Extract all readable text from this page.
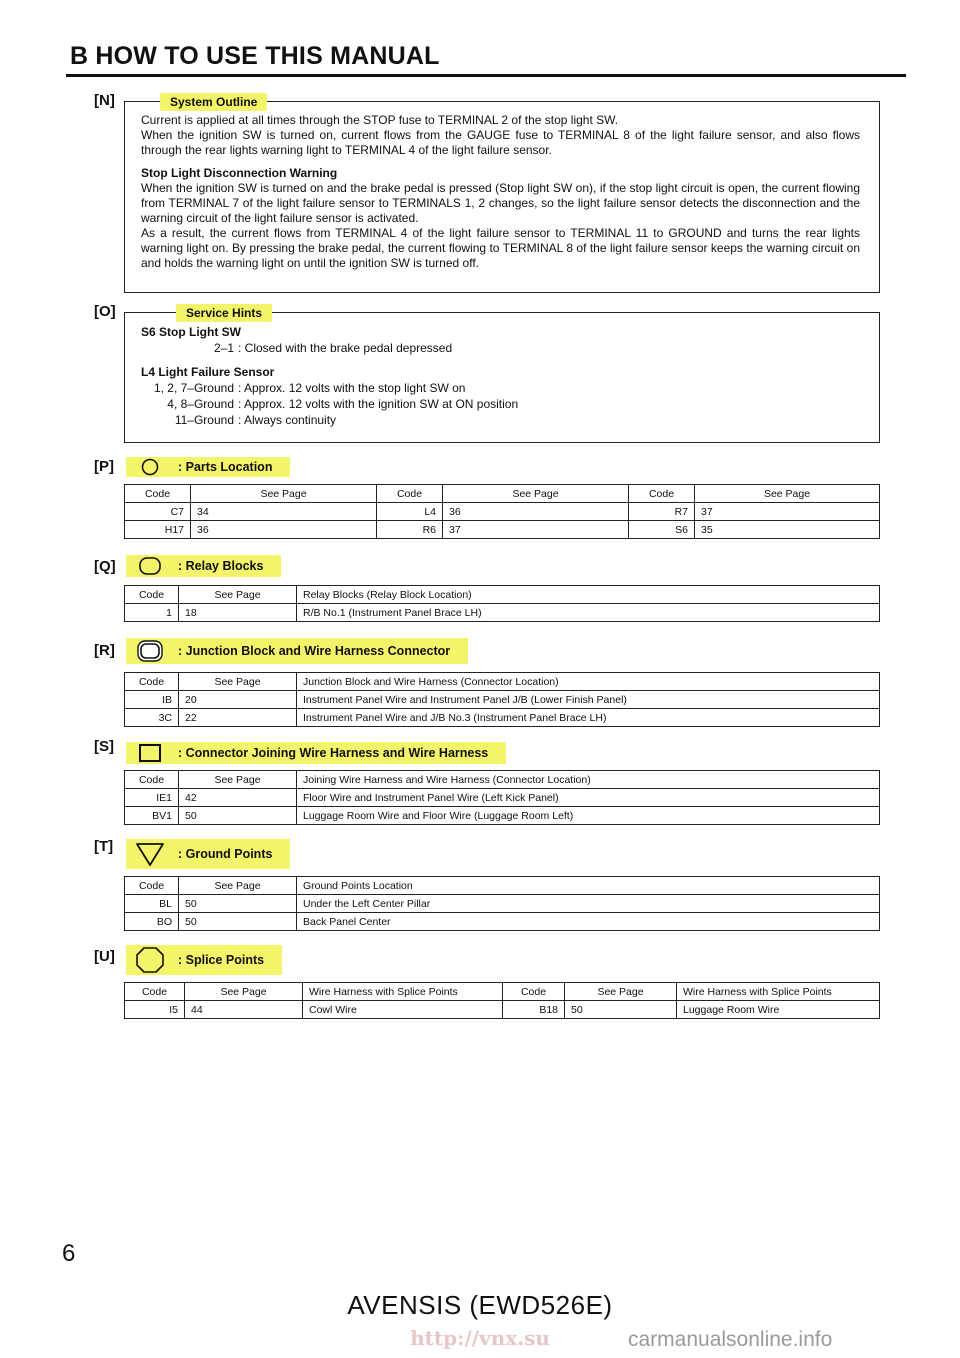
B HOW TO USE THIS MANUAL
[N]	System Outline

Current is applied at all times through the STOP fuse to TERMINAL 2 of the stop light SW.

When the ignition SW is turned on, current flows from the GAUGE fuse to TERMINAL 8 of the light failure sensor, and also flows through the rear lights warning light to TERMINAL 4 of the light failure sensor.

Stop Light Disconnection Warning

When the ignition SW is turned on and the brake pedal is pressed (Stop light SW on), if the stop light circuit is open, the current flowing from TERMINAL 7 of the light failure sensor to TERMINALS 1, 2 changes, so the light failure sensor detects the disconnection and the warning circuit of the light failure sensor is activated.

As a result, the current flows from TERMINAL 4 of the light failure sensor to TERMINAL 11 to GROUND and turns the rear lights warning light on. By pressing the brake pedal, the current flowing to TERMINAL 8 of the light failure sensor keeps the warning circuit on and holds the warning light on until the ignition SW is turned off.

[O]	Service Hints
S6 Stop Light SW
2–1 : Closed with the brake pedal depressed
L4 Light Failure Sensor
1, 2, 7–Ground : Approx. 12 volts with the stop light SW on
4, 8–Ground : Approx. 12 volts with the ignition SW at ON position
11–Ground : Always continuity
[P]	: Parts Location
Code	See Page	Code	See Page	Code	See Page
C7	34	L4	36	R7	37
H17	36	R6	37	S6	35
[Q]	: Relay Blocks
Code	See Page	Relay Blocks (Relay Block Location)
1	18	R/B No.1 (Instrument Panel Brace LH)
[R]	: Junction Block and Wire Harness Connector
Code	See Page	Junction Block and Wire Harness (Connector Location)
IB	20	Instrument Panel Wire and Instrument Panel J/B (Lower Finish Panel)
3C	22	Instrument Panel Wire and J/B No.3 (Instrument Panel Brace LH)
[S]	: Connector Joining Wire Harness and Wire Harness
Code	See Page	Joining Wire Harness and Wire Harness (Connector Location)
IE1	42	Floor Wire and Instrument Panel Wire (Left Kick Panel)
BV1	50	Luggage Room Wire and Floor Wire (Luggage Room Left)
[T]	: Ground Points
Code	See Page	Ground Points Location
BL	50	Under the Left Center Pillar
BO	50	Back Panel Center
[U]	: Splice Points
Code	See Page	Wire Harness with Splice Points	Code	See Page	Wire Harness with Splice Points
I5	44	Cowl Wire	B18	50	Luggage Room Wire
6
AVENSIS (EWD526E)
http://vnx.su	carmanualsonline.info
